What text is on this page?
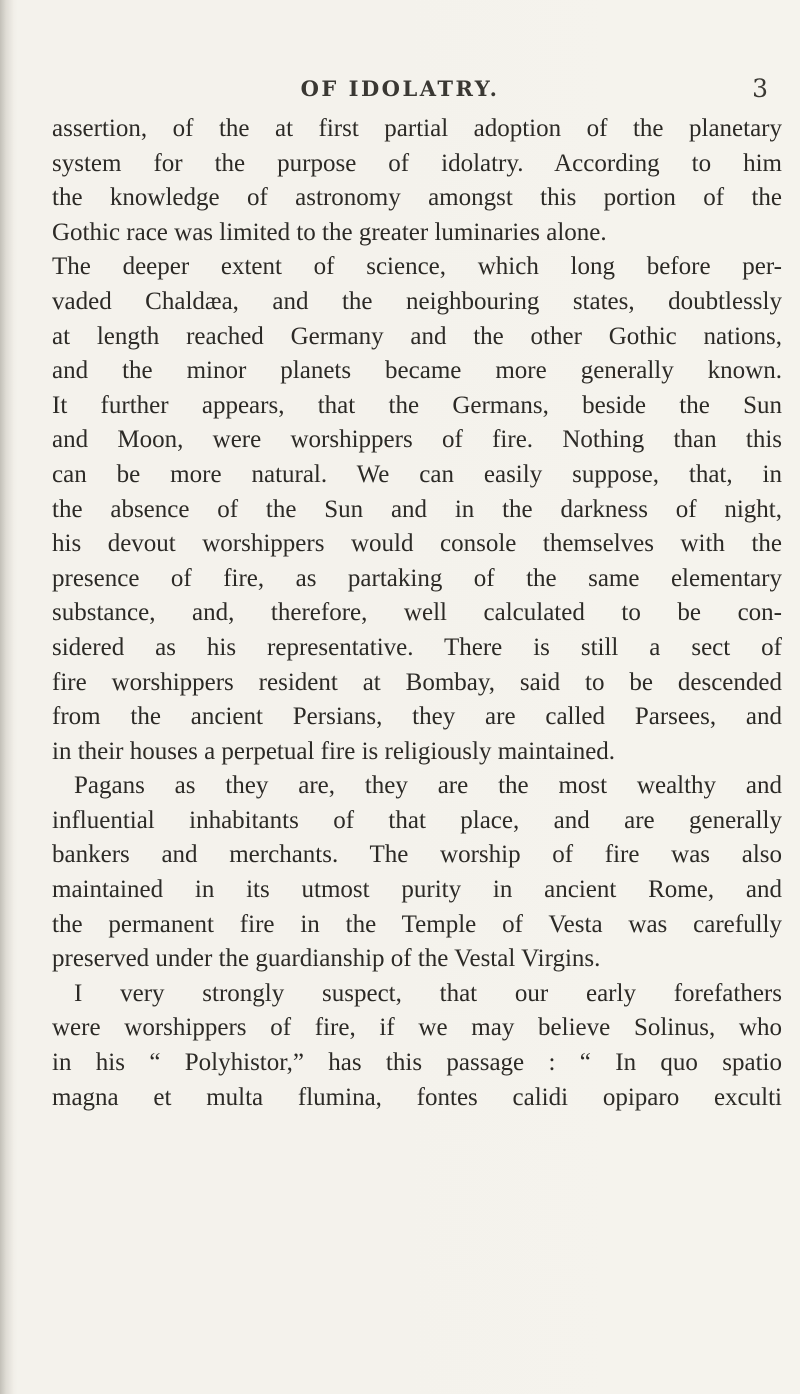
OF IDOLATRY.	3
assertion, of the at first partial adoption of the planetary
system for the purpose of idolatry. According to him
the knowledge of astronomy amongst this portion of the
Gothic race was limited to the greater luminaries alone.
The deeper extent of science, which long before per-
vaded Chaldæa, and the neighbouring states, doubtlessly
at length reached Germany and the other Gothic nations,
and the minor planets became more generally known.
It further appears, that the Germans, beside the Sun
and Moon, were worshippers of fire. Nothing than this
can be more natural. We can easily suppose, that, in
the absence of the Sun and in the darkness of night,
his devout worshippers would console themselves with the
presence of fire, as partaking of the same elementary
substance, and, therefore, well calculated to be con-
sidered as his representative. There is still a sect of
fire worshippers resident at Bombay, said to be descended
from the ancient Persians, they are called Parsees, and
in their houses a perpetual fire is religiously maintained.
Pagans as they are, they are the most wealthy and
influential inhabitants of that place, and are generally
bankers and merchants. The worship of fire was also
maintained in its utmost purity in ancient Rome, and
the permanent fire in the Temple of Vesta was carefully
preserved under the guardianship of the Vestal Virgins.
I very strongly suspect, that our early forefathers
were worshippers of fire, if we may believe Solinus, who
in his “ Polyhistor,” has this passage : “ In quo spatio
magna et multa flumina, fontes calidi opiparo exculti
